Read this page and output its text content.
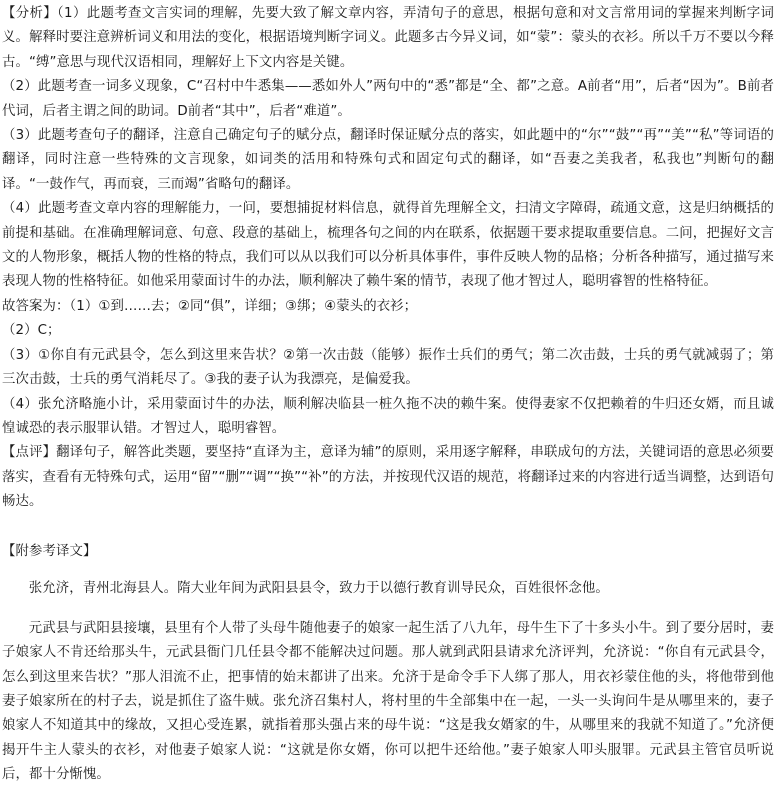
【分析】（1）此题考查文言实词的理解，先要大致了解文章内容，弄清句子的意思，根据句意和对文言常用词的掌握来判断字词义。解释时要注意辨析词义和用法的变化，根据语境判断字词义。此题多古今异义词，如“蒙”：蒙头的衣衫。所以千万不要以今释古。“缚”意思与现代汉语相同，理解好上下文内容是关键。

（2）此题考查一词多义现象，C“召村中牛悉集——悉如外人”两句中的“悉”都是“全、都”之意。A前者“用”，后者“因为”。B前者代词，后者主谓之间的助词。D前者“其中”，后者“难道”。

（3）此题考查句子的翻译，注意自己确定句子的赋分点，翻译时保证赋分点的落实，如此题中的“尔”“鼓”“再”“美”“私”等词语的翻译，同时注意一些特殊的文言现象，如词类的活用和特殊句式和固定句式的翻译，如“吾妻之美我者，私我也”判断句的翻译。“一鼓作气，再而衰，三而竭”省略句的翻译。

（4）此题考查文章内容的理解能力，一问，要想捕捉材料信息，就得首先理解全文，扫清文字障碍，疏通文意，这是归纳概括的前提和基础。在准确理解词意、句意、段意的基础上，梳理各句之间的内在联系，依据题干要求提取重要信息。二问，把握好文言文的人物形象，概括人物的性格的特点，我们可以从以我们可以分析具体事件，事件反映人物的品格；分析各种描写，通过描写来表现人物的性格特征。如他采用蒙面讨牛的办法，顺利解决了赖牛案的情节，表现了他才智过人，聪明睿智的性格特征。

故答案为：（1）①到……去；②同“俱”，详细；③绑；④蒙头的衣衫；

（2）C；

（3）①你自有元武县令，怎么到这里来告状？②第一次击鼓（能够）振作士兵们的勇气；第二次击鼓，士兵的勇气就减弱了；第三次击鼓，士兵的勇气消耗尽了。③我的妻子认为我漂亮，是偏爱我。

（4）张允济略施小计，采用蒙面讨牛的办法，顺利解决临县一桩久拖不决的赖牛案。使得妻家不仅把赖着的牛归还女婿，而且诚惶诚恐的表示服罪认错。才智过人，聪明睿智。

【点评】翻译句子，解答此类题，要坚持“直译为主，意译为辅”的原则，采用逐字解释，串联成句的方法，关键词语的意思必须要落实，查看有无特殊句式，运用“留”“删”“调”“换”“补”的方法，并按现代汉语的规范，将翻译过来的内容进行适当调整，达到语句畅达。

【附参考译文】

张允济，青州北海县人。隋大业年间为武阳县县令，致力于以德行教育训导民众，百姓很怀念他。

元武县与武阳县接壤，县里有个人带了头母牛随他妻子的娘家一起生活了八九年，母牛生下了十多头小牛。到了要分居时，妻子娘家人不肯还给那头牛，元武县衙门几任县令都不能解决过问题。那人就到武阳县请求允济评判，允济说：“你自有元武县令，怎么到这里来告状？”那人泪流不止，把事情的始末都讲了出来。允济于是命令手下人绑了那人，用衣衫蒙住他的头，将他带到他妻子娘家所在的村子去，说是抓住了盗牛贼。张允济召集村人，将村里的牛全部集中在一起，一头一头询问牛是从哪里来的，妻子娘家人不知道其中的缘故，又担心受连累，就指着那头强占来的母牛说：“这是我女婿家的牛，从哪里来的我就不知道了。”允济便揭开牛主人蒙头的衣衫，对他妻子娘家人说：“这就是你女婿，你可以把牛还给他。”妻子娘家人叩头服罪。元武县主管官员听说后，都十分惭愧。
